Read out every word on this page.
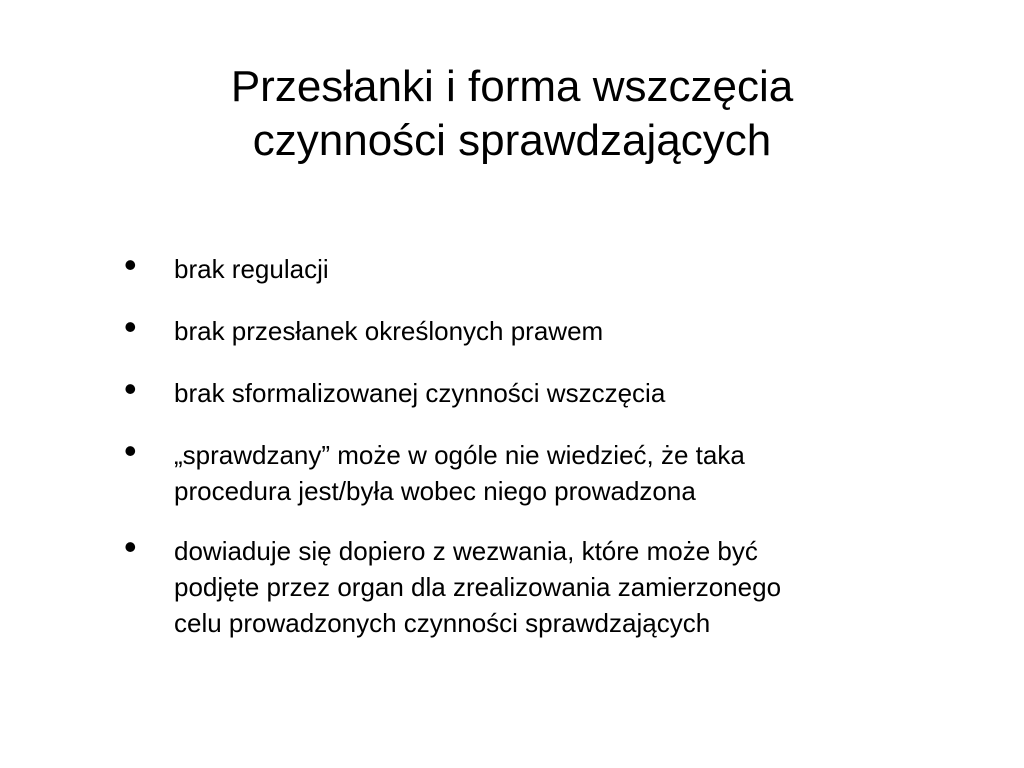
Przesłanki i forma wszczęcia
czynności sprawdzających
• brak regulacji
• brak przesłanek określonych prawem
• brak sformalizowanej czynności wszczęcia
• „sprawdzany” może w ogóle nie wiedzieć, że taka
procedura jest/była wobec niego prowadzona
• dowiaduje się dopiero z wezwania, które może być
podjęte przez organ dla zrealizowania zamierzonego
celu prowadzonych czynności sprawdzających
